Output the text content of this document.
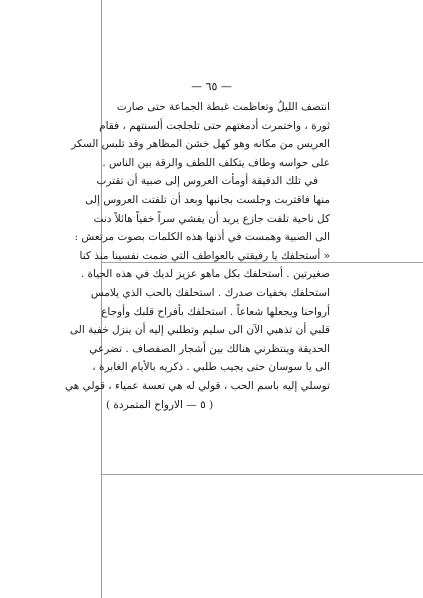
— ٦٥ —
انتصف الليلُ وتعاظمت غبطة الجماعة حتى صارت
ثورة ، واختمرت أدمغتهم حتى تلجلجت ألسنتهم ، فقام
العريس من مكانه وهو كهل خشن المظاهر وقد تلبس السكر
على حواسه وطاف يتكلف اللطف والرقة بين الناس .
في تلك الدقيقة أومأت العروس إلى صبية أن تقترب
منها فاقتربت وجلست بجانبها وبعد أن تلفتت العروس إلى
كل ناحية تلفت جازع يريد أن يفشي سراً خفياً هائلاً دنت
الى الصبية وهمست في أذنها هذه الكلمات بصوت مرتعش :
« أستحلفك يا رفيقتي بالعواطف التي ضمت نفسينا منذ كنا
صغيرتين . أستحلفك بكل ماهو عزيز لديك في هذه الحياة .
استحلفك بخفيات صدرك . استحلفك بالحب الذي يلامس
أرواحنا ويجعلها شعاعاً . استحلفك بأفراح قلبك وأوجاع
قلبي أن تذهبي الآن الى سليم وتطلبي إليه أن ينزل خفية الى
الحديقة وينتظرني هنالك بين أشجار الصفصاف . تضرعي
الى يا سوسان حتى يجيب طلبي . ذكريه بالأيام الغابرة ،
توسلي إليه باسم الحب ، قولي له هي تعسة عمياء ، قولي هي
( ٥ — الارواح المتمردة )
